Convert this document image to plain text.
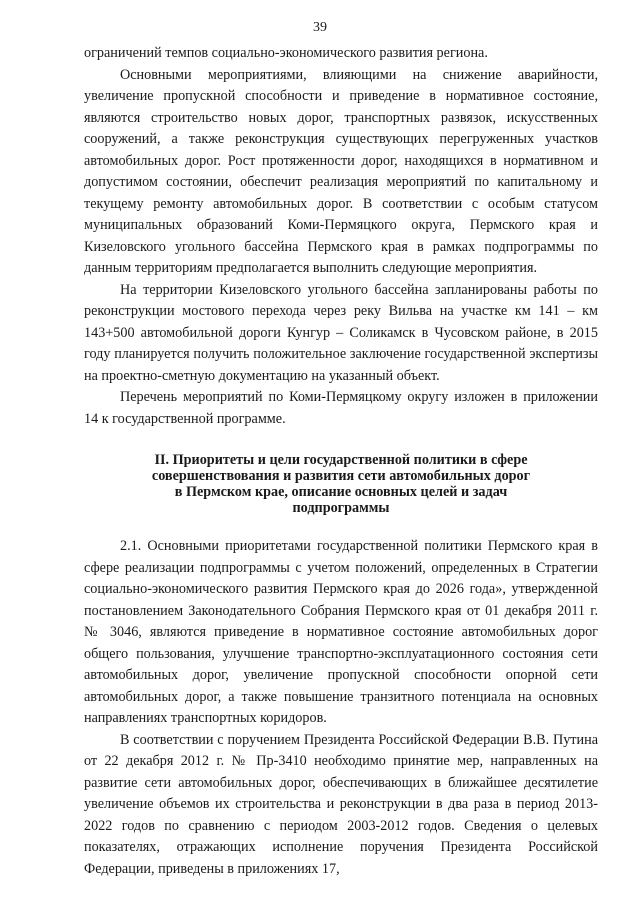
39

ограничений темпов социально-экономического развития региона.

Основными мероприятиями, влияющими на снижение аварийности, увеличение пропускной способности и приведение в нормативное состояние, являются строительство новых дорог, транспортных развязок, искусственных сооружений, а также реконструкция существующих перегруженных участков автомобильных дорог. Рост протяженности дорог, находящихся в нормативном и допустимом состоянии, обеспечит реализация мероприятий по капитальному и текущему ремонту автомобильных дорог. В соответствии с особым статусом муниципальных образований Коми-Пермяцкого округа, Пермского края и Кизеловского угольного бассейна Пермского края в рамках подпрограммы по данным территориям предполагается выполнить следующие мероприятия.

На территории Кизеловского угольного бассейна запланированы работы по реконструкции мостового перехода через реку Вильва на участке км 141 – км 143+500 автомобильной дороги Кунгур – Соликамск в Чусовском районе, в 2015 году планируется получить положительное заключение государственной экспертизы на проектно-сметную документацию на указанный объект.

Перечень мероприятий по Коми-Пермяцкому округу изложен в приложении 14 к государственной программе.

II. Приоритеты и цели государственной политики в сфере
совершенствования и развития сети автомобильных дорог
в Пермском крае, описание основных целей и задач
подпрограммы

2.1. Основными приоритетами государственной политики Пермского края в сфере реализации подпрограммы с учетом положений, определенных в Стратегии социально-экономического развития Пермского края до 2026 года», утвержденной постановлением Законодательного Собрания Пермского края от 01 декабря 2011 г. № 3046, являются приведение в нормативное состояние автомобильных дорог общего пользования, улучшение транспортно-эксплуатационного состояния сети автомобильных дорог, увеличение пропускной способности опорной сети автомобильных дорог, а также повышение транзитного потенциала на основных направлениях транспортных коридоров.

В соответствии с поручением Президента Российской Федерации В.В. Путина от 22 декабря 2012 г. № Пр-3410 необходимо принятие мер, направленных на развитие сети автомобильных дорог, обеспечивающих в ближайшее десятилетие увеличение объемов их строительства и реконструкции в два раза в период 2013-2022 годов по сравнению с периодом 2003-2012 годов. Сведения о целевых показателях, отражающих исполнение поручения Президента Российской Федерации, приведены в приложениях 17,
